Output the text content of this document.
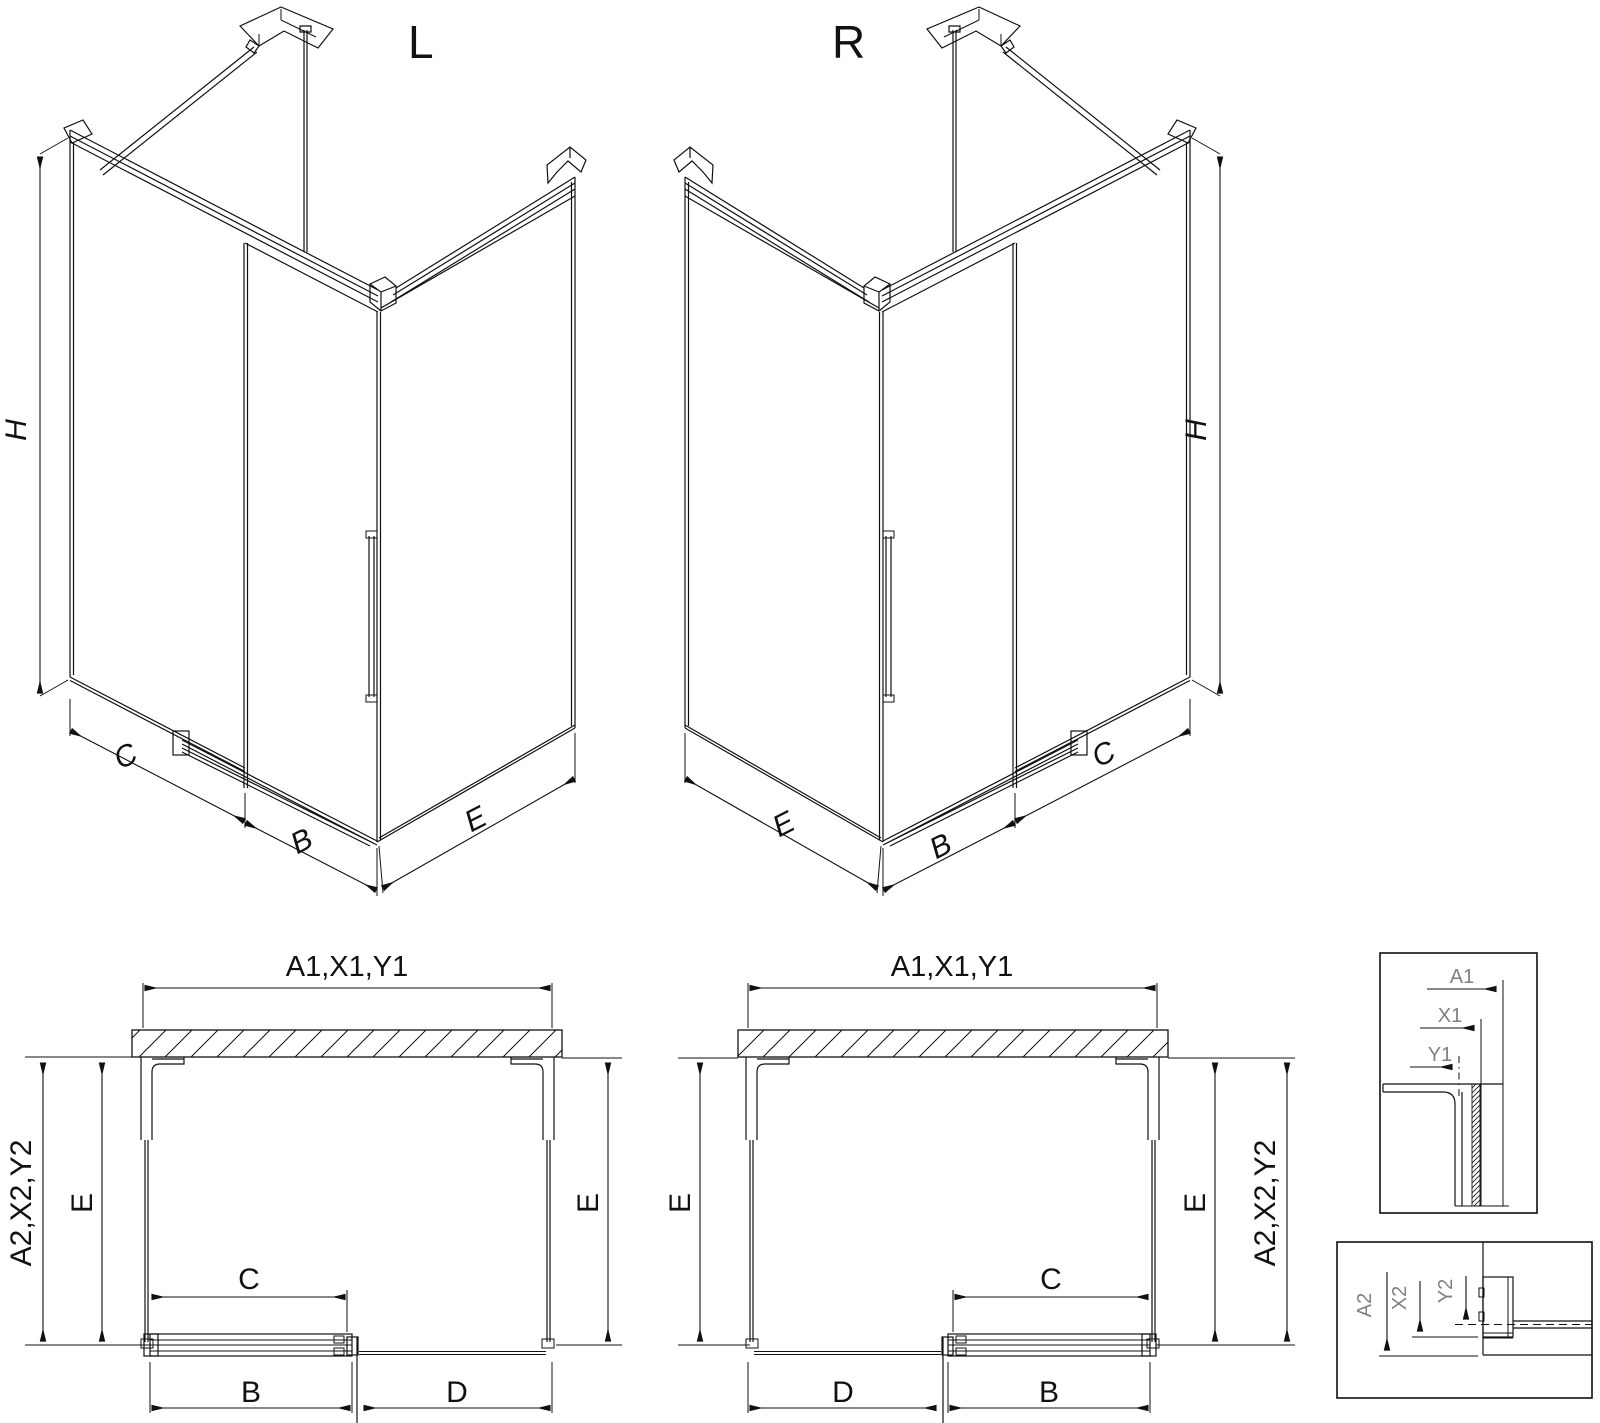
L
H
C
B
E
R
H
C
B
E
A1,X1,Y1
E
A2,X2,Y2	E
C
B	D
A1,X1,Y1
E	E A2,X2,Y2
C
D	B
A1
X1
Y1
A2 X2 Y2
